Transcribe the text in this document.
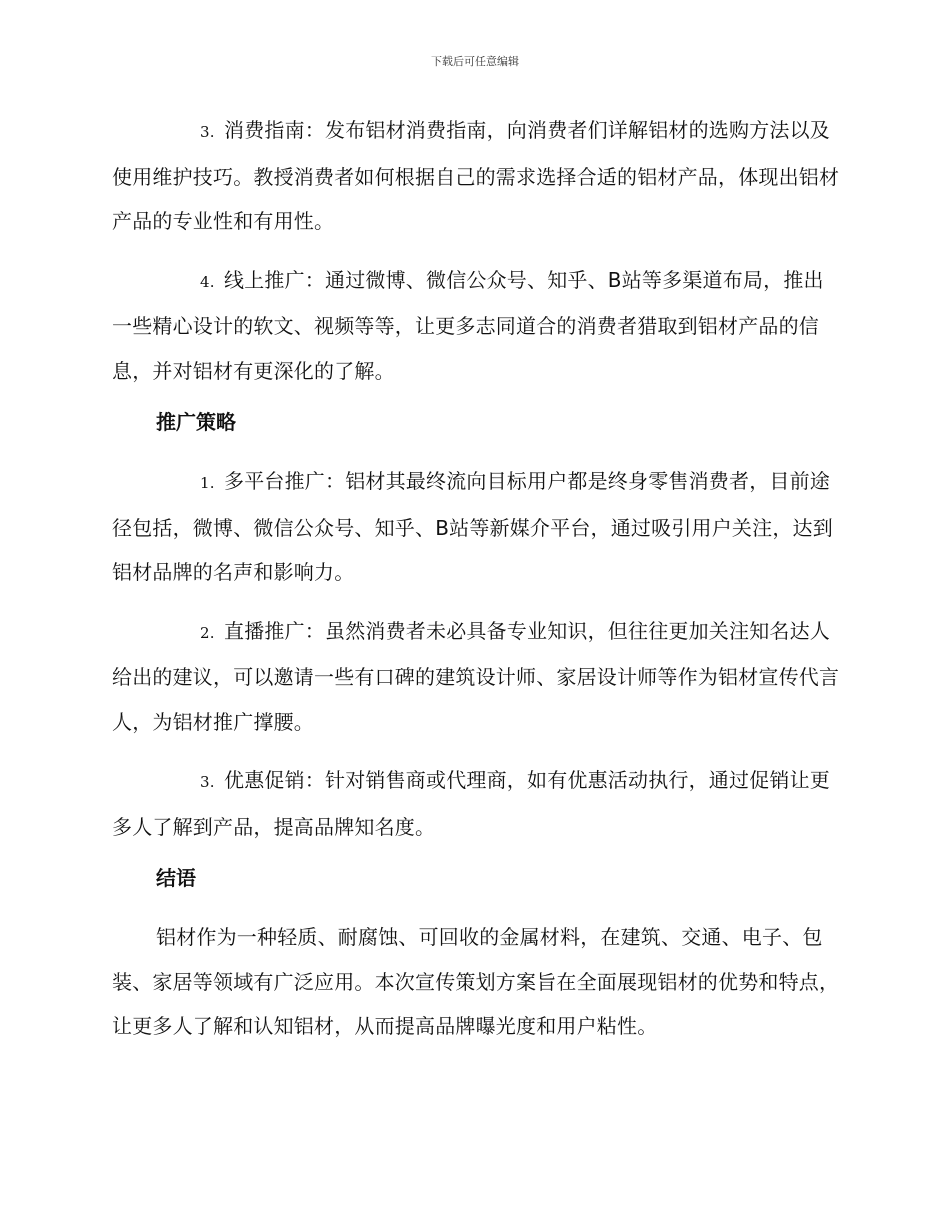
下载后可任意编辑

3. 消费指南：发布铝材消费指南，向消费者们详解铝材的选购方法以及使用维护技巧。教授消费者如何根据自己的需求选择合适的铝材产品，体现出铝材产品的专业性和有用性。

4. 线上推广：通过微博、微信公众号、知乎、B站等多渠道布局，推出一些精心设计的软文、视频等等，让更多志同道合的消费者猎取到铝材产品的信息，并对铝材有更深化的了解。

推广策略

1. 多平台推广：铝材其最终流向目标用户都是终身零售消费者，目前途径包括，微博、微信公众号、知乎、B站等新媒介平台，通过吸引用户关注，达到铝材品牌的名声和影响力。

2. 直播推广：虽然消费者未必具备专业知识，但往往更加关注知名达人给出的建议，可以邀请一些有口碑的建筑设计师、家居设计师等作为铝材宣传代言人，为铝材推广撑腰。

3. 优惠促销：针对销售商或代理商，如有优惠活动执行，通过促销让更多人了解到产品，提高品牌知名度。

结语

铝材作为一种轻质、耐腐蚀、可回收的金属材料，在建筑、交通、电子、包装、家居等领域有广泛应用。本次宣传策划方案旨在全面展现铝材的优势和特点，让更多人了解和认知铝材，从而提高品牌曝光度和用户粘性。
